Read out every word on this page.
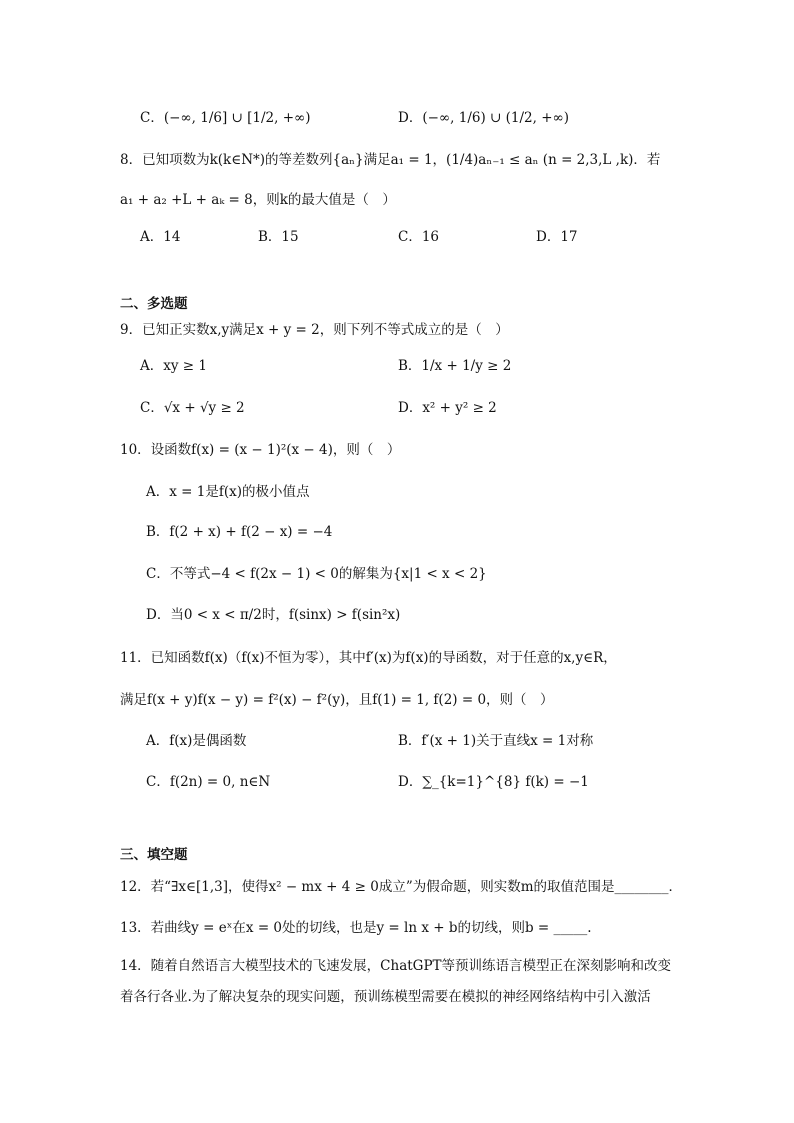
C．(−∞, 1/6] ∪ [1/2, +∞)	D．(−∞, 1/6) ∪ (1/2, +∞)
8．已知项数为k(k∈N*)的等差数列{aₙ}满足a₁ = 1，(1/4)aₙ₋₁ ≤ aₙ (n = 2,3,L ,k)．若
a₁ + a₂ +L + aₖ = 8，则k的最大值是（　）
A．14	B．15	C．16	D．17
二、多选题
9．已知正实数x,y满足x + y = 2，则下列不等式成立的是（　）
A．xy ≥ 1	B．1/x + 1/y ≥ 2
C．√x + √y ≥ 2	D．x² + y² ≥ 2
10．设函数f(x) = (x − 1)²(x − 4)，则（　）
A．x = 1是f(x)的极小值点
B．f(2 + x) + f(2 − x) = −4
C．不等式−4 < f(2x − 1) < 0的解集为{x|1 < x < 2}
D．当0 < x < π/2时，f(sinx) > f(sin²x)
11．已知函数f(x)（f(x)不恒为零），其中f′(x)为f(x)的导函数，对于任意的x,y∈R，
满足f(x + y)f(x − y) = f²(x) − f²(y)，且f(1) = 1, f(2) = 0，则（　）
A．f(x)是偶函数	B．f′(x + 1)关于直线x = 1对称
C．f(2n) = 0, n∈N	D．∑_{k=1}^{8} f(k) = −1
三、填空题
12．若“∃x∈[1,3]，使得x² − mx + 4 ≥ 0成立”为假命题，则实数m的取值范围是________．
13．若曲线y = eˣ在x = 0处的切线，也是y = ln x + b的切线，则b = _____.
14．随着自然语言大模型技术的飞速发展，ChatGPT等预训练语言模型正在深刻影响和改变
着各行各业.为了解决复杂的现实问题，预训练模型需要在模拟的神经网络结构中引入激活
